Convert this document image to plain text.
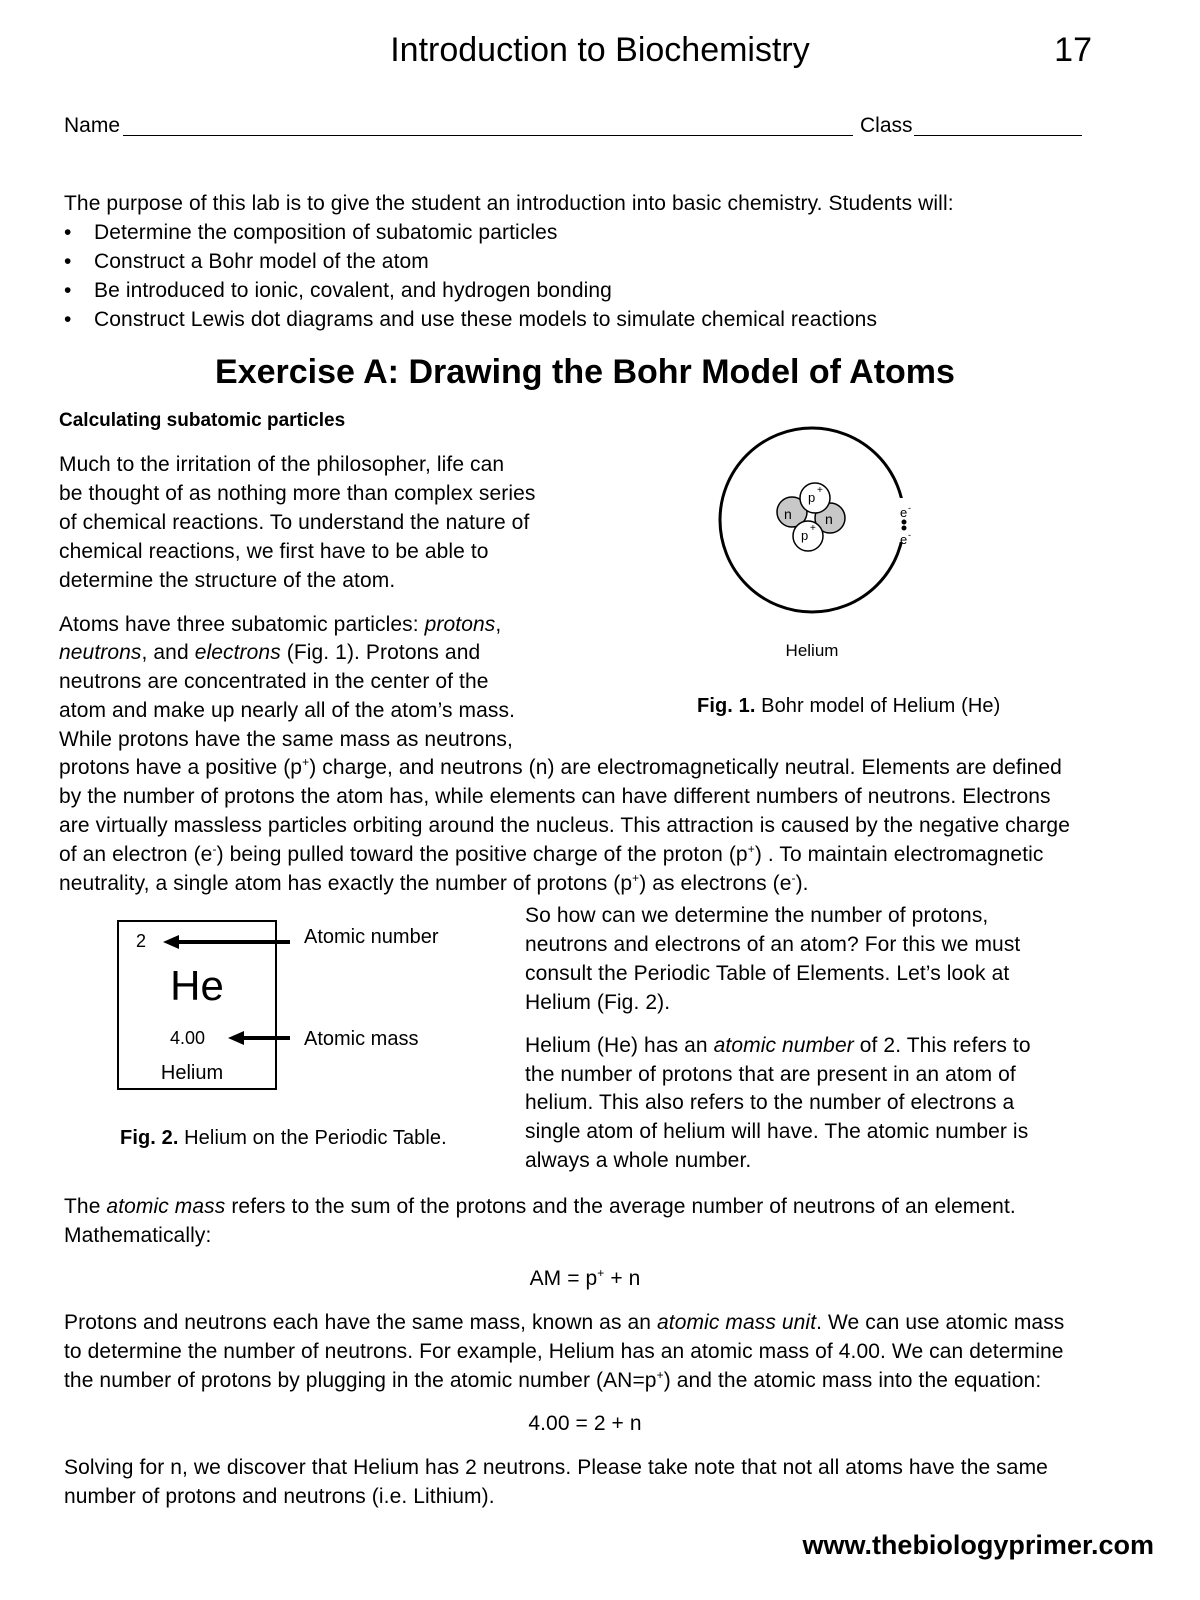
Introduction to Biochemistry	17
Name	Class
The purpose of this lab is to give the student an introduction into basic chemistry. Students will:
• Determine the composition of subatomic particles
• Construct a Bohr model of the atom
• Be introduced to ionic, covalent, and hydrogen bonding
• Construct Lewis dot diagrams and use these models to simulate chemical reactions
Exercise A: Drawing the Bohr Model of Atoms
Calculating subatomic particles
Much to the irritation of the philosopher, life can
be thought of as nothing more than complex series
of chemical reactions. To understand the nature of
chemical reactions, we first have to be able to
determine the structure of the atom.
Atoms have three subatomic particles: protons,
neutrons, and electrons (Fig. 1). Protons and
neutrons are concentrated in the center of the
atom and make up nearly all of the atom’s mass.
While protons have the same mass as neutrons,
protons have a positive (p+) charge, and neutrons (n) are electromagnetically neutral. Elements are defined
by the number of protons the atom has, while elements can have different numbers of neutrons. Electrons
are virtually massless particles orbiting around the nucleus. This attraction is caused by the negative charge
of an electron (e-) being pulled toward the positive charge of the proton (p+) . To maintain electromagnetic
neutrality, a single atom has exactly the number of protons (p+) as electrons (e-).
n n
p +
p +
e -
e -
Helium
Fig. 1. Bohr model of Helium (He)
2
He
4.00
Helium
Atomic number
Atomic mass
Fig. 2. Helium on the Periodic Table.
So how can we determine the number of protons,
neutrons and electrons of an atom? For this we must
consult the Periodic Table of Elements. Let’s look at
Helium (Fig. 2).
Helium (He) has an atomic number of 2. This refers to
the number of protons that are present in an atom of
helium. This also refers to the number of electrons a
single atom of helium will have. The atomic number is
always a whole number.
The atomic mass refers to the sum of the protons and the average number of neutrons of an element.
Mathematically:
AM = p+ + n
Protons and neutrons each have the same mass, known as an atomic mass unit. We can use atomic mass
to determine the number of neutrons. For example, Helium has an atomic mass of 4.00. We can determine
the number of protons by plugging in the atomic number (AN=p+) and the atomic mass into the equation:
4.00 = 2 + n
Solving for n, we discover that Helium has 2 neutrons. Please take note that not all atoms have the same
number of protons and neutrons (i.e. Lithium).
www.thebiologyprimer.com
